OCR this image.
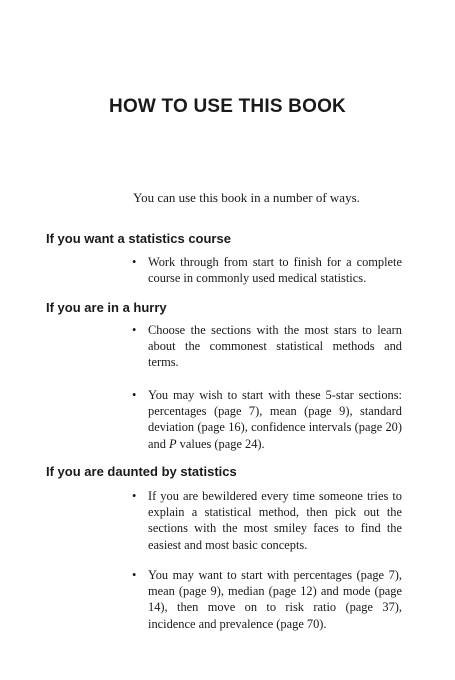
HOW TO USE THIS BOOK

You can use this book in a number of ways.

If you want a statistics course

• Work through from start to finish for a complete course in commonly used medical statistics.

If you are in a hurry

• Choose the sections with the most stars to learn about the commonest statistical methods and terms.

• You may wish to start with these 5-star sections: percentages (page 7), mean (page 9), standard deviation (page 16), confidence intervals (page 20) and P values (page 24).

If you are daunted by statistics

• If you are bewildered every time someone tries to explain a statistical method, then pick out the sections with the most smiley faces to find the easiest and most basic concepts.

• You may want to start with percentages (page 7), mean (page 9), median (page 12) and mode (page 14), then move on to risk ratio (page 37), incidence and prevalence (page 70).
